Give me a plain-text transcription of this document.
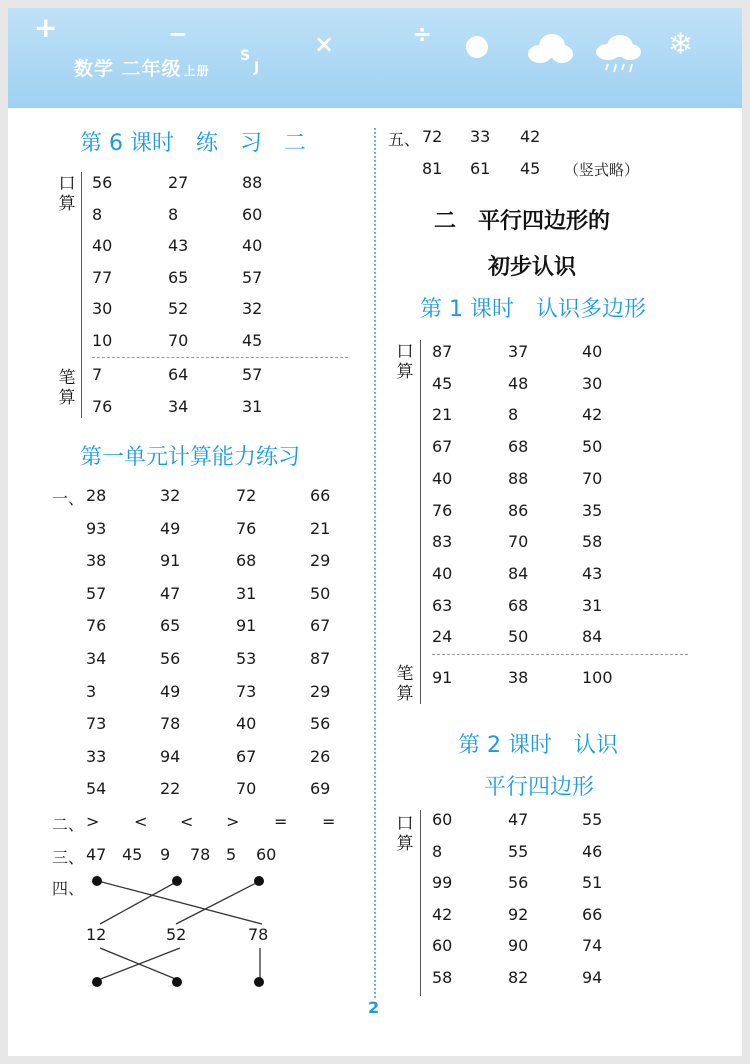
+	−	×	÷	❄
数学 二年级 上册
S
J
第 6 课时　练　习　二
口
算
56	27	88
8	8	60
40	43	40
77	65	57
30	52	32
10	70	45
笔
算
7	64	57
76	34	31
第一单元计算能力练习
一、 28	32	72	66
93	49	76	21
38	91	68	29
57	47	31	50
76	65	91	67
34	56	53	87
3	49	73	29
73	78	40	56
33	94	67	26
54	22	70	69
二、 > < < > = =
三、 47 45 9 78 5 60
四、
12	52	78
五、 72 33 42
81 61 45 （竖式略）
二　平行四边形的
初步认识
第 1 课时　认识多边形
口
算
87	37	40
45	48	30
21	8	42
67	68	50
40	88	70
76	86	35
83	70	58
40	84	43
63	68	31
24	50	84
笔
算
91	38	100
第 2 课时　认识
平行四边形
口
算
60	47	55
8	55	46
99	56	51
42	92	66
60	90	74
58	82	94
2
